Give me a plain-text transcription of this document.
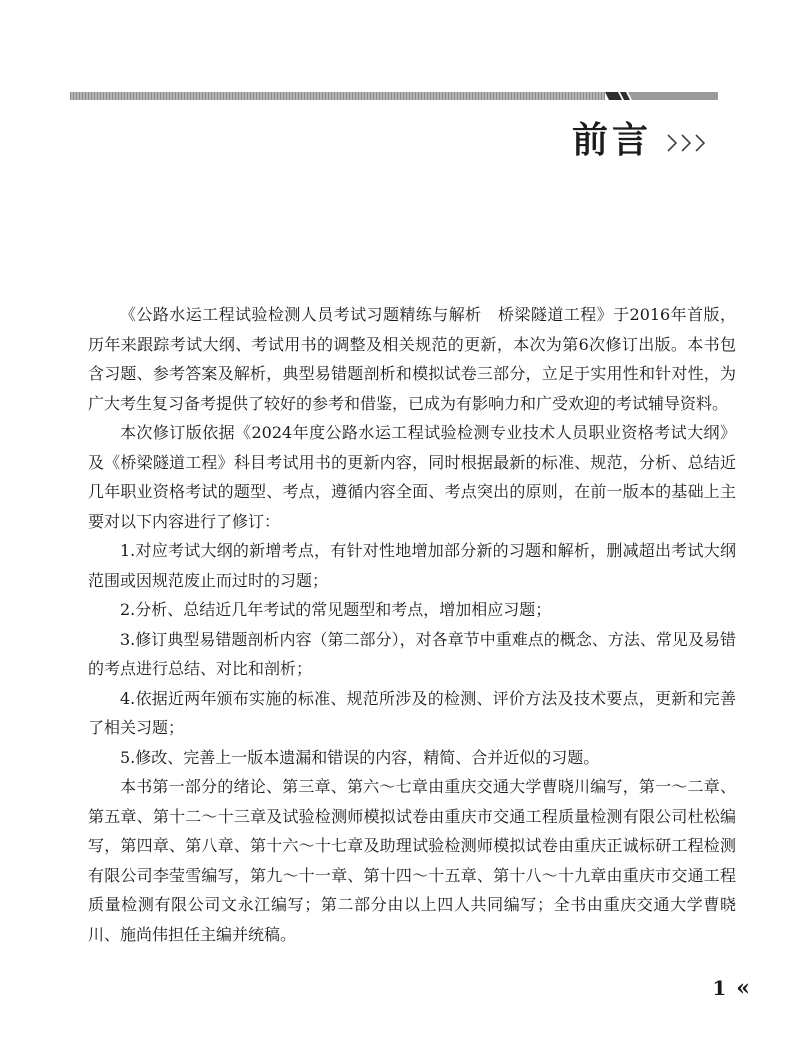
前言

《公路水运工程试验检测人员考试习题精练与解析　桥梁隧道工程》于2016年首版，历年来跟踪考试大纲、考试用书的调整及相关规范的更新，本次为第6次修订出版。本书包含习题、参考答案及解析，典型易错题剖析和模拟试卷三部分，立足于实用性和针对性，为广大考生复习备考提供了较好的参考和借鉴，已成为有影响力和广受欢迎的考试辅导资料。

本次修订版依据《2024年度公路水运工程试验检测专业技术人员职业资格考试大纲》及《桥梁隧道工程》科目考试用书的更新内容，同时根据最新的标准、规范，分析、总结近几年职业资格考试的题型、考点，遵循内容全面、考点突出的原则，在前一版本的基础上主要对以下内容进行了修订：

1.对应考试大纲的新增考点，有针对性地增加部分新的习题和解析，删减超出考试大纲范围或因规范废止而过时的习题；

2.分析、总结近几年考试的常见题型和考点，增加相应习题；

3.修订典型易错题剖析内容（第二部分），对各章节中重难点的概念、方法、常见及易错的考点进行总结、对比和剖析；

4.依据近两年颁布实施的标准、规范所涉及的检测、评价方法及技术要点，更新和完善了相关习题；

5.修改、完善上一版本遗漏和错误的内容，精简、合并近似的习题。

本书第一部分的绪论、第三章、第六～七章由重庆交通大学曹晓川编写，第一～二章、第五章、第十二～十三章及试验检测师模拟试卷由重庆市交通工程质量检测有限公司杜松编写，第四章、第八章、第十六～十七章及助理试验检测师模拟试卷由重庆正诚标研工程检测有限公司李莹雪编写，第九～十一章、第十四～十五章、第十八～十九章由重庆市交通工程质量检测有限公司文永江编写；第二部分由以上四人共同编写；全书由重庆交通大学曹晓川、施尚伟担任主编并统稿。

1 «
